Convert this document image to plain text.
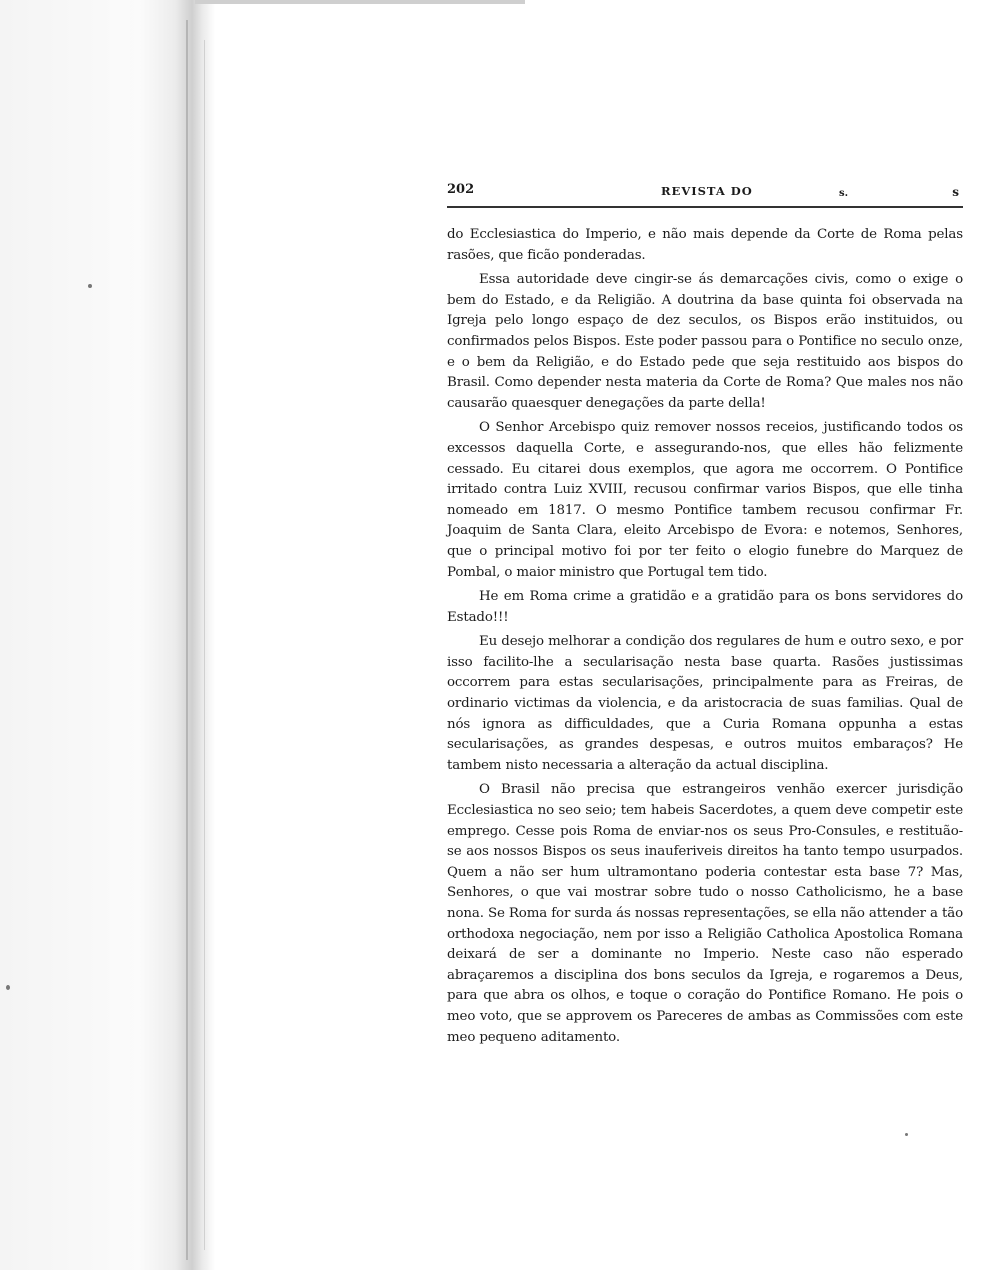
202	REVISTA DO	s.	s

do Ecclesiastica do Imperio, e não mais depende da Corte de Roma pelas rasões, que ficão ponderadas.

Essa autoridade deve cingir-se ás demarcações civis, como o exige o bem do Estado, e da Religião. A doutrina da base quinta foi observada na Igreja pelo longo espaço de dez seculos, os Bispos erão instituidos, ou confirmados pelos Bispos. Este poder passou para o Pontifice no seculo onze, e o bem da Religião, e do Estado pede que seja restituido aos bispos do Brasil. Como depender nesta materia da Corte de Roma? Que males nos não causarão quaesquer denegações da parte della!

O Senhor Arcebispo quiz remover nossos receios, justificando todos os excessos daquella Corte, e assegurando-nos, que elles hão felizmente cessado. Eu citarei dous exemplos, que agora me occorrem. O Pontifice irritado contra Luiz XVIII, recusou confirmar varios Bispos, que elle tinha nomeado em 1817. O mesmo Pontifice tambem recusou confirmar Fr. Joaquim de Santa Clara, eleito Arcebispo de Evora: e notemos, Senhores, que o principal motivo foi por ter feito o elogio funebre do Marquez de Pombal, o maior ministro que Portugal tem tido.

He em Roma crime a gratidão e a gratidão para os bons servidores do Estado!!!

Eu desejo melhorar a condição dos regulares de hum e outro sexo, e por isso facilito-lhe a secularisação nesta base quarta. Rasões justissimas occorrem para estas secularisações, principalmente para as Freiras, de ordinario victimas da violencia, e da aristocracia de suas familias. Qual de nós ignora as difficuldades, que a Curia Romana oppunha a estas secularisações, as grandes despesas, e outros muitos embaraços? He tambem nisto necessaria a alteração da actual disciplina.

O Brasil não precisa que estrangeiros venhão exercer jurisdição Ecclesiastica no seo seio; tem habeis Sacerdotes, a quem deve competir este emprego. Cesse pois Roma de enviar-nos os seus Pro-Consules, e restituão-se aos nossos Bispos os seus inauferiveis direitos ha tanto tempo usurpados. Quem a não ser hum ultramontano poderia contestar esta base 7? Mas, Senhores, o que vai mostrar sobre tudo o nosso Catholicismo, he a base nona. Se Roma for surda ás nossas representações, se ella não attender a tão orthodoxa negociação, nem por isso a Religião Catholica Apostolica Romana deixará de ser a dominante no Imperio. Neste caso não esperado abraçaremos a disciplina dos bons seculos da Igreja, e rogaremos a Deus, para que abra os olhos, e toque o coração do Pontifice Romano. He pois o meo voto, que se approvem os Pareceres de ambas as Commissões com este meo pequeno aditamento.
